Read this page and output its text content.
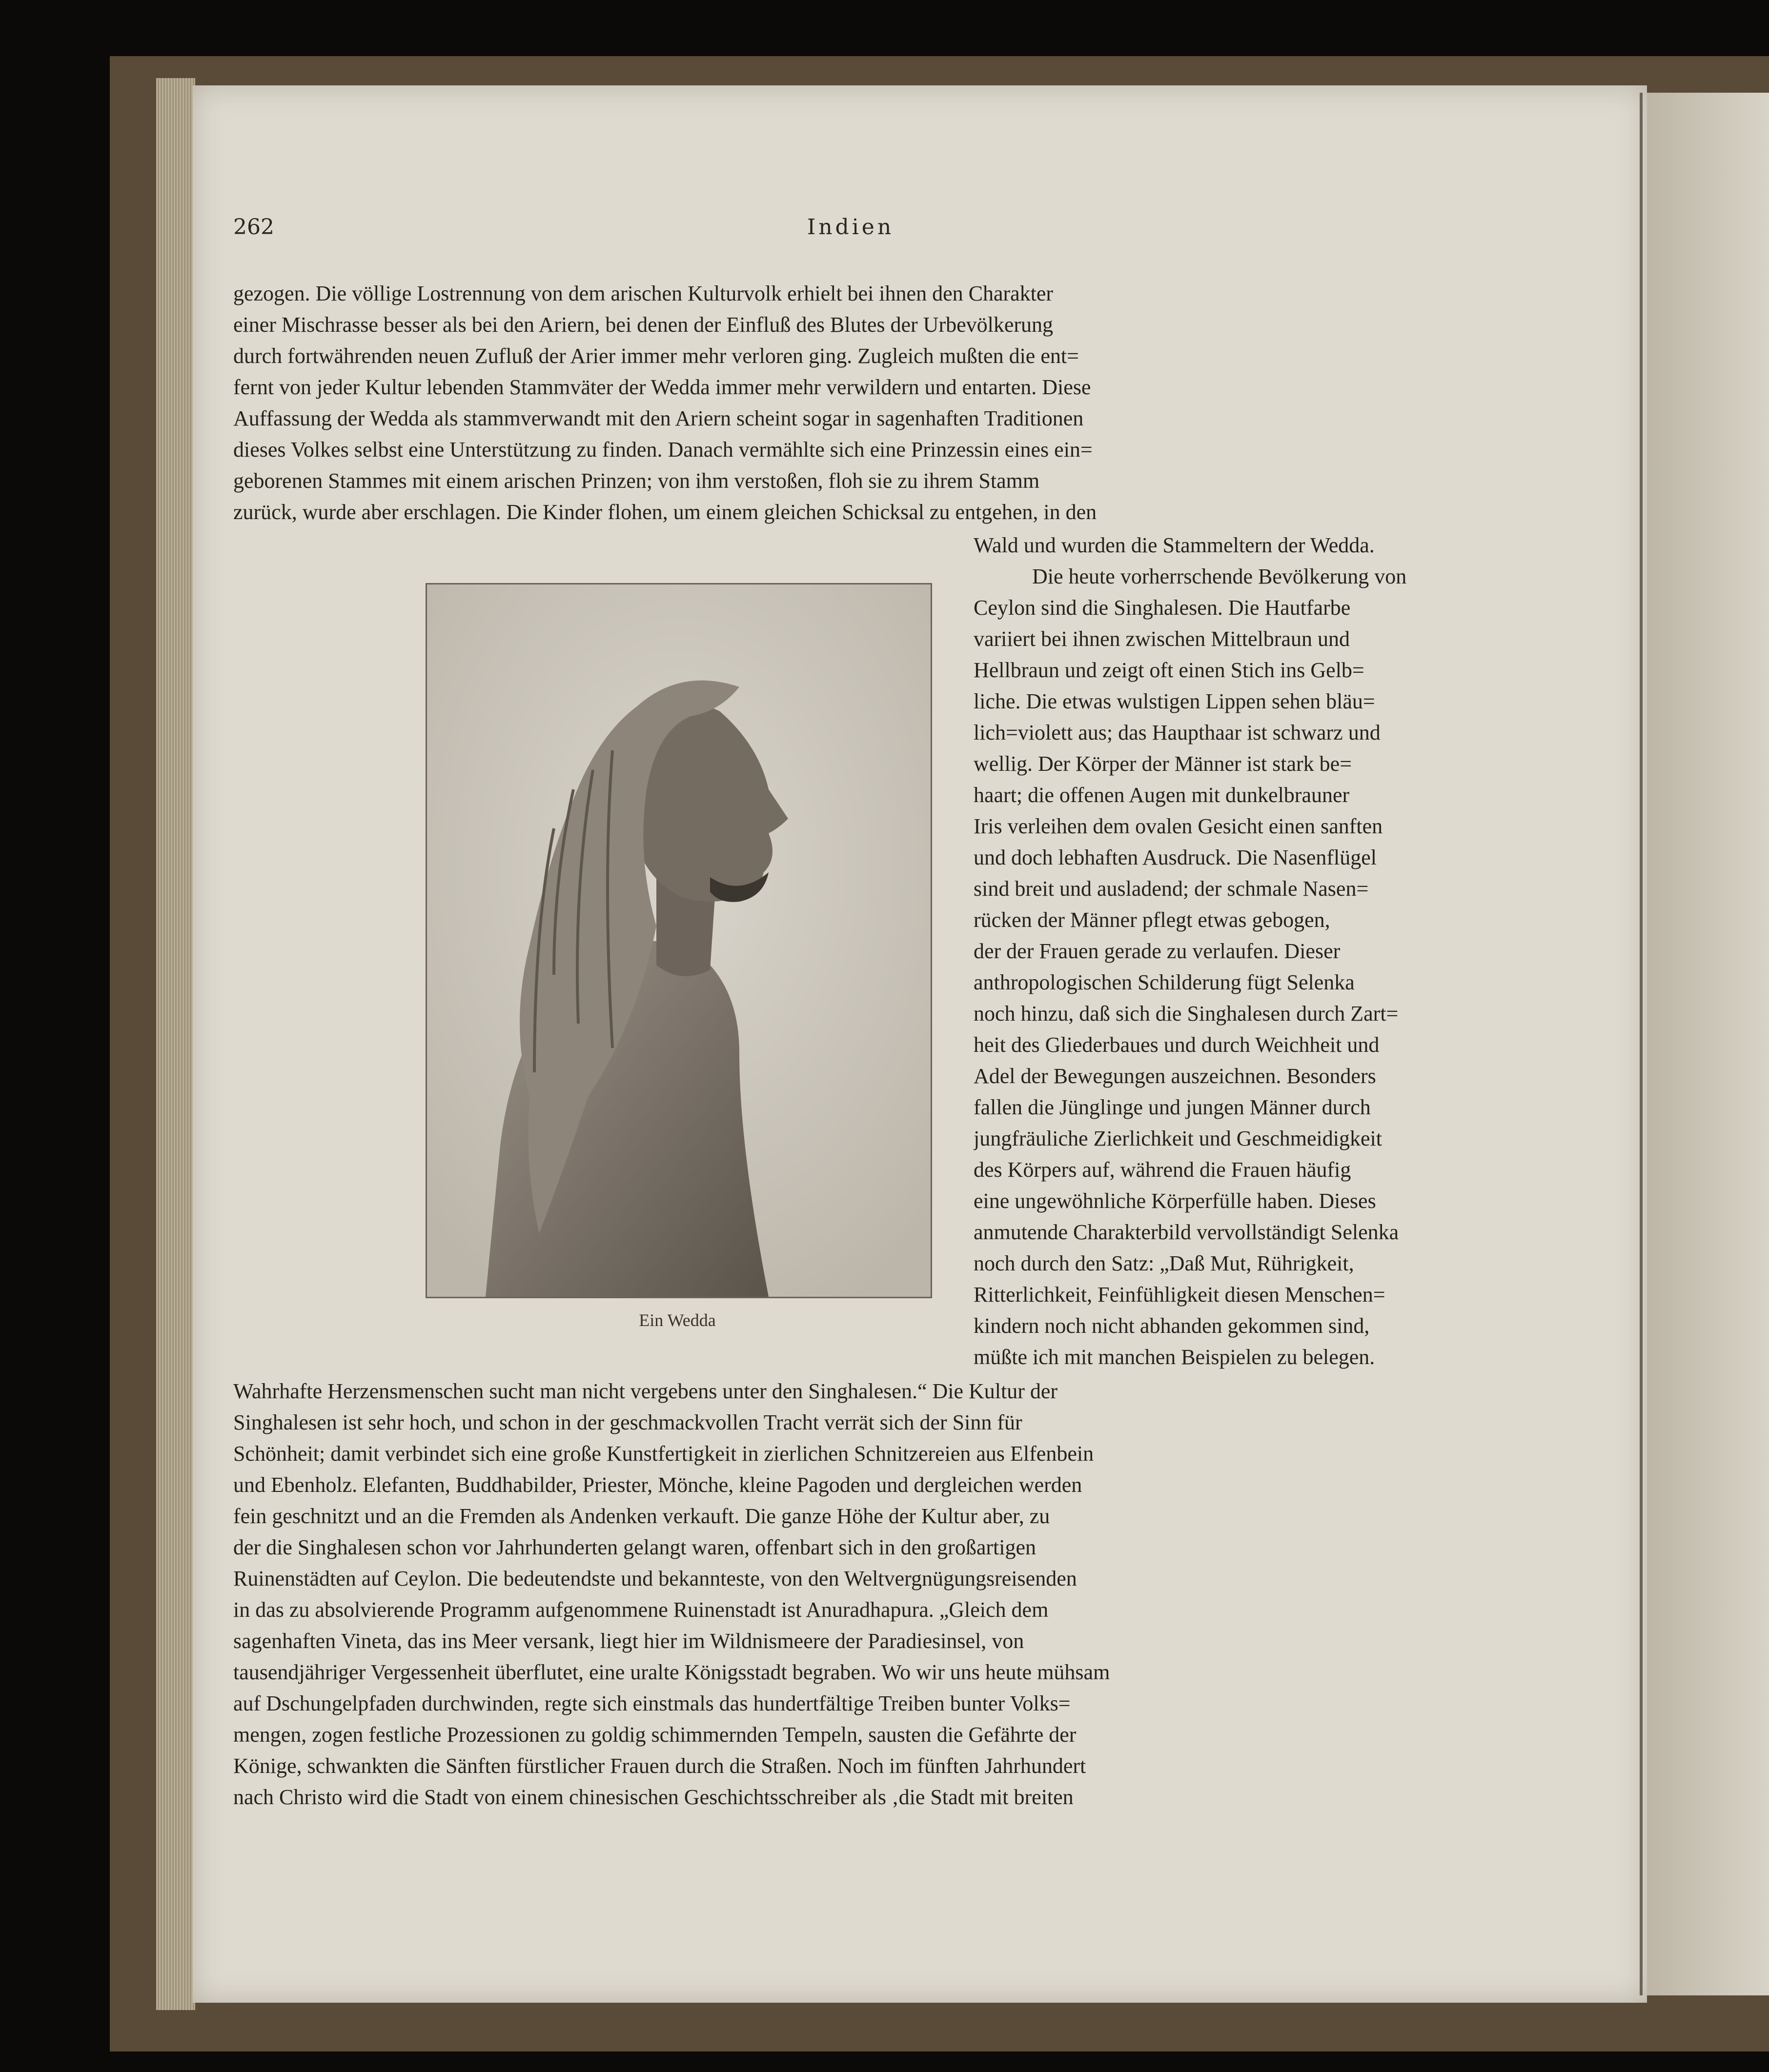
262	Indien
gezogen. Die völlige Lostrennung von dem arischen Kulturvolk erhielt bei ihnen den Charakter
einer Mischrasse besser als bei den Ariern, bei denen der Einfluß des Blutes der Urbevölkerung
durch fortwährenden neuen Zufluß der Arier immer mehr verloren ging. Zugleich mußten die ent=
fernt von jeder Kultur lebenden Stammväter der Wedda immer mehr verwildern und entarten. Diese
Auffassung der Wedda als stammverwandt mit den Ariern scheint sogar in sagenhaften Traditionen
dieses Volkes selbst eine Unterstützung zu finden. Danach vermählte sich eine Prinzessin eines ein=
geborenen Stammes mit einem arischen Prinzen; von ihm verstoßen, floh sie zu ihrem Stamm
zurück, wurde aber erschlagen. Die Kinder flohen, um einem gleichen Schicksal zu entgehen, in den
Wald und wurden die Stammeltern der Wedda.
Die heute vorherrschende Bevölkerung von
Ceylon sind die Singhalesen. Die Hautfarbe
variiert bei ihnen zwischen Mittelbraun und
Hellbraun und zeigt oft einen Stich ins Gelb=
liche. Die etwas wulstigen Lippen sehen bläu=
lich=violett aus; das Haupthaar ist schwarz und
wellig. Der Körper der Männer ist stark be=
haart; die offenen Augen mit dunkelbrauner
Iris verleihen dem ovalen Gesicht einen sanften
und doch lebhaften Ausdruck. Die Nasenflügel
sind breit und ausladend; der schmale Nasen=
rücken der Männer pflegt etwas gebogen,
der der Frauen gerade zu verlaufen. Dieser
anthropologischen Schilderung fügt Selenka
noch hinzu, daß sich die Singhalesen durch Zart=
heit des Gliederbaues und durch Weichheit und
Adel der Bewegungen auszeichnen. Besonders
fallen die Jünglinge und jungen Männer durch
jungfräuliche Zierlichkeit und Geschmeidigkeit
des Körpers auf, während die Frauen häufig
eine ungewöhnliche Körperfülle haben. Dieses
anmutende Charakterbild vervollständigt Selenka
noch durch den Satz: „Daß Mut, Rührigkeit,
Ritterlichkeit, Feinfühligkeit diesen Menschen=
kindern noch nicht abhanden gekommen sind,
müßte ich mit manchen Beispielen zu belegen.
Ein Wedda
Wahrhafte Herzensmenschen sucht man nicht vergebens unter den Singhalesen.“ Die Kultur der
Singhalesen ist sehr hoch, und schon in der geschmackvollen Tracht verrät sich der Sinn für
Schönheit; damit verbindet sich eine große Kunstfertigkeit in zierlichen Schnitzereien aus Elfenbein
und Ebenholz. Elefanten, Buddhabilder, Priester, Mönche, kleine Pagoden und dergleichen werden
fein geschnitzt und an die Fremden als Andenken verkauft. Die ganze Höhe der Kultur aber, zu
der die Singhalesen schon vor Jahrhunderten gelangt waren, offenbart sich in den großartigen
Ruinenstädten auf Ceylon. Die bedeutendste und bekannteste, von den Weltvergnügungsreisenden
in das zu absolvierende Programm aufgenommene Ruinenstadt ist Anuradhapura. „Gleich dem
sagenhaften Vineta, das ins Meer versank, liegt hier im Wildnismeere der Paradiesinsel, von
tausendjähriger Vergessenheit überflutet, eine uralte Königsstadt begraben. Wo wir uns heute mühsam
auf Dschungelpfaden durchwinden, regte sich einstmals das hundertfältige Treiben bunter Volks=
mengen, zogen festliche Prozessionen zu goldig schimmernden Tempeln, sausten die Gefährte der
Könige, schwankten die Sänften fürstlicher Frauen durch die Straßen. Noch im fünften Jahrhundert
nach Christo wird die Stadt von einem chinesischen Geschichtsschreiber als ‚die Stadt mit breiten
